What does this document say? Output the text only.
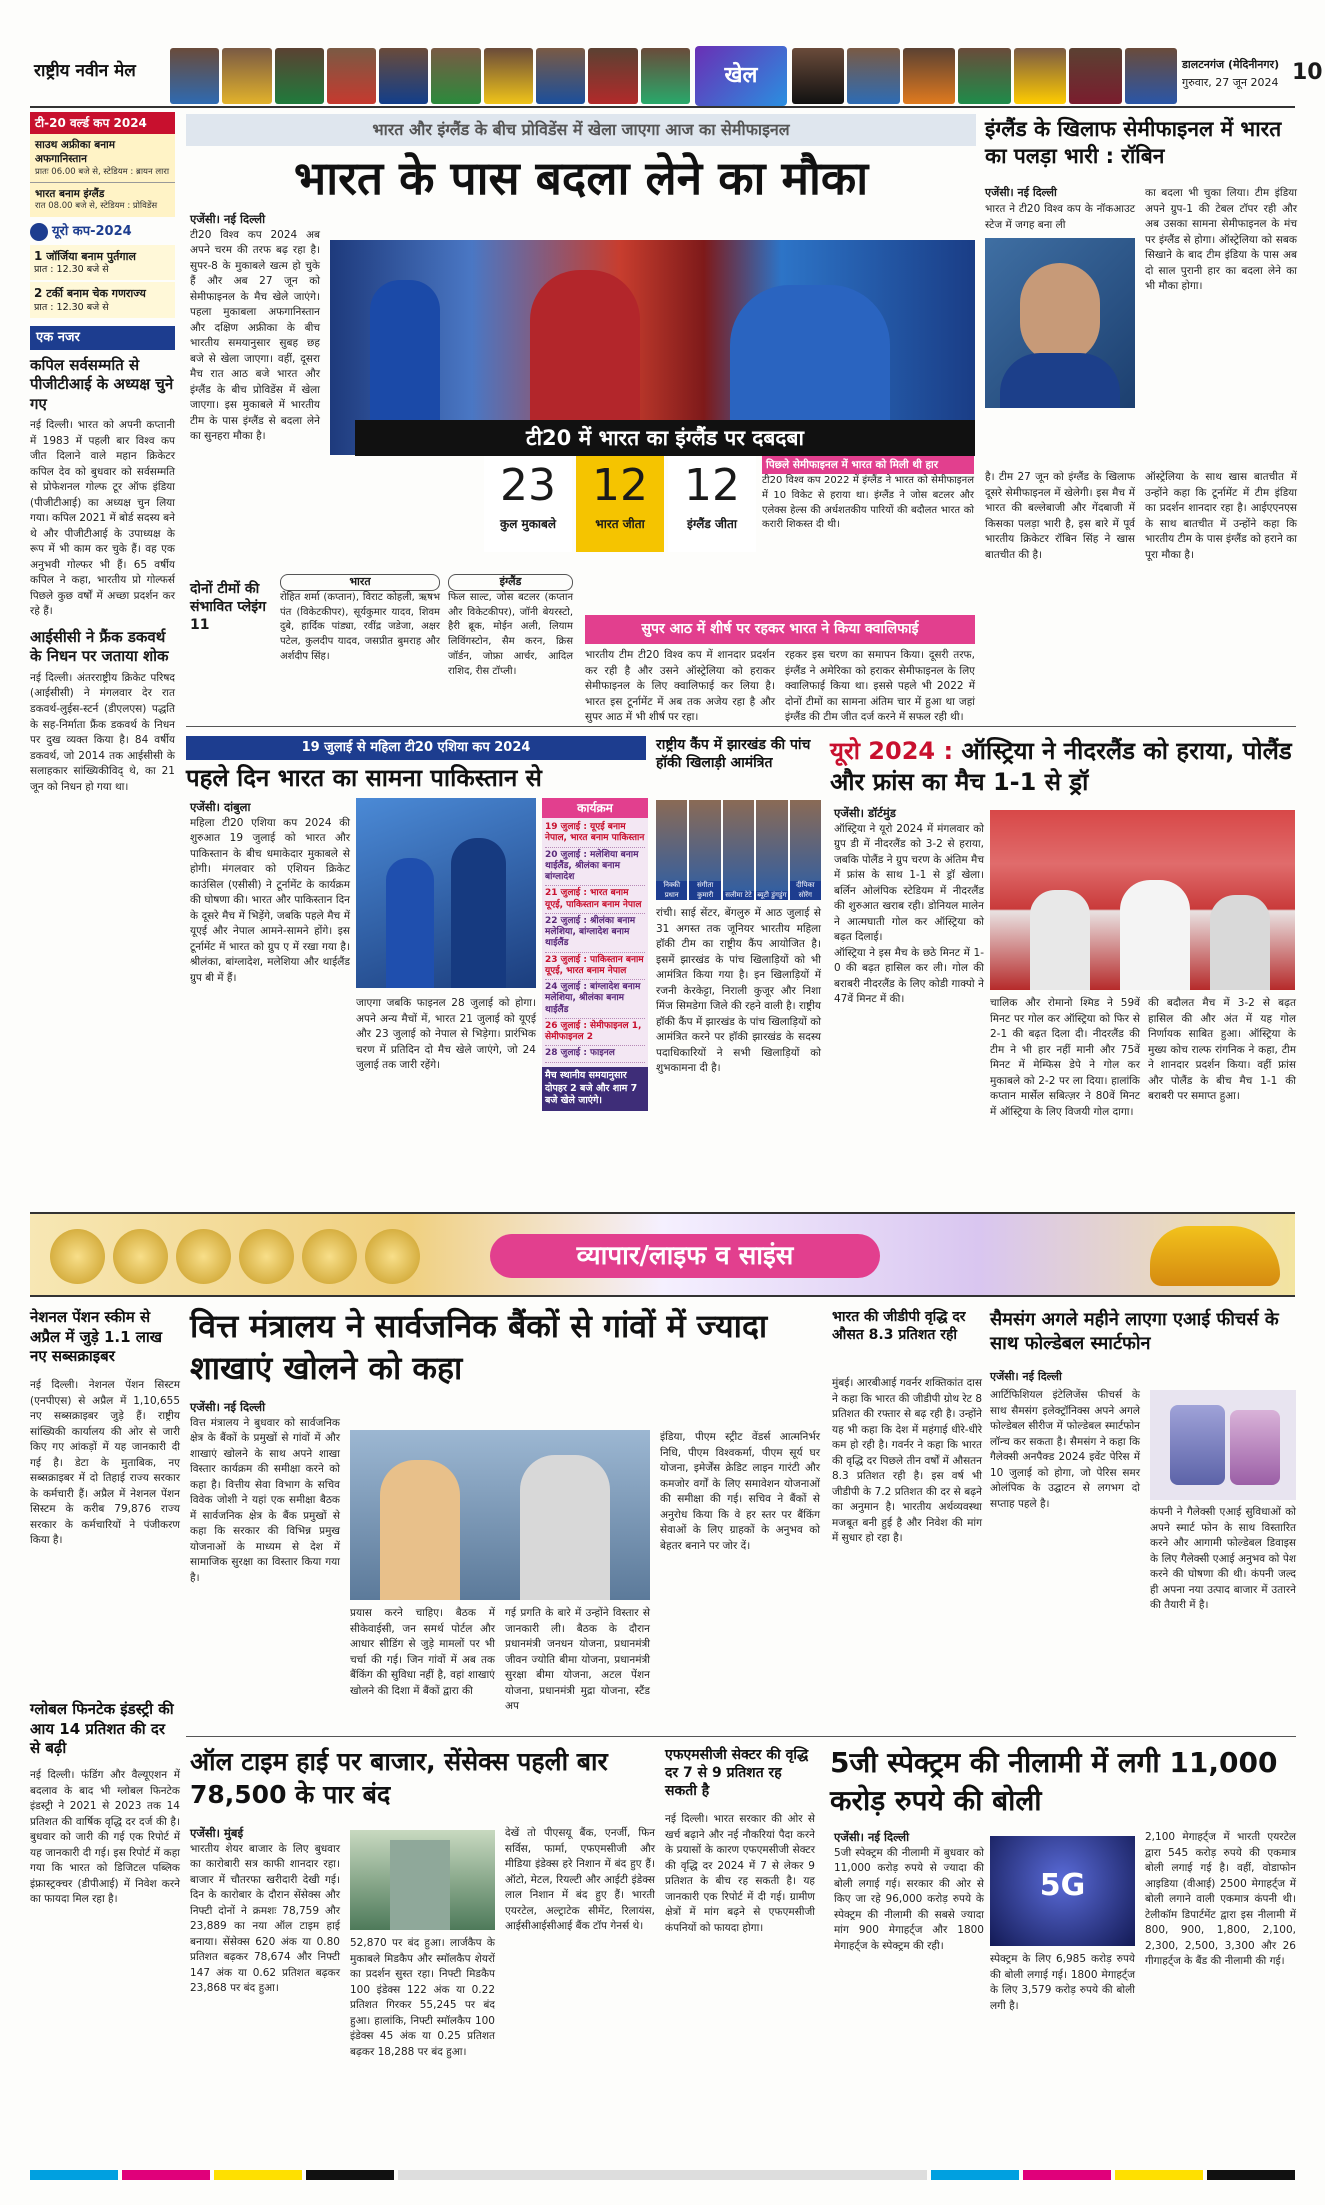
राष्ट्रीय नवीन मेल	खेल	डालटनगंज (मेदिनीनगर)
गुरुवार, 27 जून 2024 10
टी-20 वर्ल्ड कप 2024
साउथ अफ्रीका बनाम अफगानिस्तान
प्रातः 06.00 बजे से, स्टेडियम : ब्रायन लारा
भारत बनाम इंग्लैंड
रात 08.00 बजे से, स्टेडियम : प्रोविडेंस
यूरो कप-2024
1 जॉर्जिया बनाम पुर्तगाल
प्रात : 12.30 बजे से
2 टर्की बनाम चेक गणराज्य
प्रात : 12.30 बजे से
एक नजर
कपिल सर्वसम्मति से पीजीटीआई के अध्यक्ष चुने गए
नई दिल्ली। भारत को अपनी कप्तानी में 1983 में पहली बार विश्व कप जीत दिलाने वाले महान क्रिकेटर कपिल देव को बुधवार को सर्वसम्मति से प्रोफेशनल गोल्फ टूर ऑफ इंडिया (पीजीटीआई) का अध्यक्ष चुन लिया गया। कपिल 2021 में बोर्ड सदस्य बने थे और पीजीटीआई के उपाध्यक्ष के रूप में भी काम कर चुके हैं। वह एक अनुभवी गोल्फर भी हैं। 65 वर्षीय कपिल ने कहा, भारतीय प्रो गोल्फर्स पिछले कुछ वर्षों में अच्छा प्रदर्शन कर रहे हैं।
आईसीसी ने फ्रैंक डकवर्थ के निधन पर जताया शोक
नई दिल्ली। अंतरराष्ट्रीय क्रिकेट परिषद (आईसीसी) ने मंगलवार देर रात डकवर्थ-लुईस-स्टर्न (डीएलएस) पद्धति के सह-निर्माता फ्रैंक डकवर्थ के निधन पर दुख व्यक्त किया है। 84 वर्षीय डकवर्थ, जो 2014 तक आईसीसी के सलाहकार सांख्यिकीविद् थे, का 21 जून को निधन हो गया था।
भारत और इंग्लैंड के बीच प्रोविडेंस में खेला जाएगा आज का सेमीफाइनल
भारत के पास बदला लेने का मौका
एजेंसी। नई दिल्ली
टी20 विश्व कप 2024 अब अपने चरम की तरफ बढ़ रहा है। सुपर-8 के मुकाबले खत्म हो चुके हैं और अब 27 जून को सेमीफाइनल के मैच खेले जाएंगे। पहला मुकाबला अफगानिस्तान और दक्षिण अफ्रीका के बीच भारतीय समयानुसार सुबह छह बजे से खेला जाएगा। वहीं, दूसरा मैच रात आठ बजे भारत और इंग्लैंड के बीच प्रोविडेंस में खेला जाएगा। इस मुकाबले में भारतीय टीम के पास इंग्लैंड से बदला लेने का सुनहरा मौका है।	टी20 में भारत का इंग्लैंड पर दबदबा
23
कुल मुकाबले
12
भारत जीता
12
इंग्लैंड जीता
पिछले सेमीफाइनल में भारत को मिली थी हार
टी20 विश्व कप 2022 में इंग्लैंड ने भारत को सेमीफाइनल में 10 विकेट से हराया था। इंग्लैंड ने जोस बटलर और एलेक्स हेल्स की अर्धशतकीय पारियों की बदौलत भारत को करारी शिकस्त दी थी।
दोनों टीमों की संभावित प्लेइंग 11
भारत
रोहित शर्मा (कप्तान), विराट कोहली, ऋषभ पंत (विकेटकीपर), सूर्यकुमार यादव, शिवम दुबे, हार्दिक पांड्या, रवींद्र जडेजा, अक्षर पटेल, कुलदीप यादव, जसप्रीत बुमराह और अर्शदीप सिंह।
इंग्लैंड
फिल साल्ट, जोस बटलर (कप्तान और विकेटकीपर), जॉनी बेयरस्टो, हैरी ब्रूक, मोईन अली, लियाम लिविंगस्टोन, सैम करन, क्रिस जॉर्डन, जोफ्रा आर्चर, आदिल राशिद, रीस टॉप्ली।
सुपर आठ में शीर्ष पर रहकर भारत ने किया क्वालिफाई
भारतीय टीम टी20 विश्व कप में शानदार प्रदर्शन कर रही है और उसने ऑस्ट्रेलिया को हराकर सेमीफाइनल के लिए क्वालिफाई कर लिया है। भारत इस टूर्नामेंट में अब तक अजेय रहा है और सुपर आठ में भी शीर्ष पर रहा।
रहकर इस चरण का समापन किया। दूसरी तरफ, इंग्लैंड ने अमेरिका को हराकर सेमीफाइनल के लिए क्वालिफाई किया था। इससे पहले भी 2022 में दोनों टीमों का सामना अंतिम चार में हुआ था जहां इंग्लैंड की टीम जीत दर्ज करने में सफल रही थी।
इंग्लैंड के खिलाफ सेमीफाइनल में भारत का पलड़ा भारी : रॉबिन
एजेंसी। नई दिल्ली
भारत ने टी20 विश्व कप के नॉकआउट स्टेज में जगह बना ली
है। टीम 27 जून को इंग्लैंड के खिलाफ दूसरे सेमीफाइनल में खेलेगी। इस मैच में भारत की बल्लेबाजी और गेंदबाजी में किसका पलड़ा भारी है, इस बारे में पूर्व भारतीय क्रिकेटर रॉबिन सिंह ने खास बातचीत की है।
का बदला भी चुका लिया। टीम इंडिया अपने ग्रुप-1 की टेबल टॉपर रही और अब उसका सामना सेमीफाइनल के मंच पर इंग्लैंड से होगा। ऑस्ट्रेलिया को सबक सिखाने के बाद टीम इंडिया के पास अब दो साल पुरानी हार का बदला लेने का भी मौका होगा।
ऑस्ट्रेलिया के साथ खास बातचीत में उन्होंने कहा कि टूर्नामेंट में टीम इंडिया का प्रदर्शन शानदार रहा है। आईएएनएस के साथ बातचीत में उन्होंने कहा कि भारतीय टीम के पास इंग्लैंड को हराने का पूरा मौका है।
19 जुलाई से महिला टी20 एशिया कप 2024
पहले दिन भारत का सामना पाकिस्तान से
एजेंसी। दांबुला
महिला टी20 एशिया कप 2024 की शुरुआत 19 जुलाई को भारत और पाकिस्तान के बीच धमाकेदार मुकाबले से होगी। मंगलवार को एशियन क्रिकेट काउंसिल (एसीसी) ने टूर्नामेंट के कार्यक्रम की घोषणा की। भारत और पाकिस्तान दिन के दूसरे मैच में भिड़ेंगे, जबकि पहले मैच में यूएई और नेपाल आमने-सामने होंगे। इस टूर्नामेंट में भारत को ग्रुप ए में रखा गया है। श्रीलंका, बांग्लादेश, मलेशिया और थाईलैंड ग्रुप बी में हैं।
जाएगा जबकि फाइनल 28 जुलाई को होगा। अपने अन्य मैचों में, भारत 21 जुलाई को यूएई और 23 जुलाई को नेपाल से भिड़ेगा। प्रारंभिक चरण में प्रतिदिन दो मैच खेले जाएंगे, जो 24 जुलाई तक जारी रहेंगे।
कार्यक्रम
19 जुलाई : यूएई बनाम नेपाल, भारत बनाम पाकिस्तान
20 जुलाई : मलेशिया बनाम थाईलैंड, श्रीलंका बनाम बांग्लादेश
21 जुलाई : भारत बनाम यूएई, पाकिस्तान बनाम नेपाल
22 जुलाई : श्रीलंका बनाम मलेशिया, बांग्लादेश बनाम थाईलैंड
23 जुलाई : पाकिस्तान बनाम यूएई, भारत बनाम नेपाल
24 जुलाई : बांग्लादेश बनाम मलेशिया, श्रीलंका बनाम थाईलैंड
26 जुलाई : सेमीफाइनल 1, सेमीफाइनल 2
28 जुलाई : फाइनल
मैच स्थानीय समयानुसार दोपहर 2 बजे और शाम 7 बजे खेले जाएंगे।
राष्ट्रीय कैंप में झारखंड की पांच हॉकी खिलाड़ी आमंत्रित
निक्की प्रधान
संगीता कुमारी	सलीमा टेटे ब्यूटी डुंगडुंग
दीपिका सोरेंग
रांची। साई सेंटर, बेंगलुरु में आठ जुलाई से 31 अगस्त तक जूनियर भारतीय महिला हॉकी टीम का राष्ट्रीय कैंप आयोजित है। इसमें झारखंड के पांच खिलाड़ियों को भी आमंत्रित किया गया है। इन खिलाड़ियों में रजनी केरकेट्टा, निराली कुजूर और निशा मिंज सिमडेगा जिले की रहने वाली है। राष्ट्रीय हॉकी कैंप में झारखंड के पांच खिलाड़ियों को आमंत्रित करने पर हॉकी झारखंड के सदस्य पदाधिकारियों ने सभी खिलाड़ियों को शुभकामना दी है।
यूरो 2024 : ऑस्ट्रिया ने नीदरलैंड को हराया, पोलैंड और फ्रांस का मैच 1-1 से ड्रॉ
एजेंसी। डॉर्टमुंड
ऑस्ट्रिया ने यूरो 2024 में मंगलवार को ग्रुप डी में नीदरलैंड को 3-2 से हराया, जबकि पोलैंड ने ग्रुप चरण के अंतिम मैच में फ्रांस के साथ 1-1 से ड्रॉ खेला। बर्लिन ओलंपिक स्टेडियम में नीदरलैंड की शुरुआत खराब रही। डोनियल मालेन ने आत्मघाती गोल कर ऑस्ट्रिया को बढ़त दिलाई।
ऑस्ट्रिया ने इस मैच के छठे मिनट में 1-0 की बढ़त हासिल कर ली। गोल की बराबरी नीदरलैंड के लिए कोडी गाक्पो ने 47वें मिनट में की।	चालिक और रोमानो श्मिड ने 59वें मिनट पर गोल कर ऑस्ट्रिया को फिर से 2-1 की बढ़त दिला दी। नीदरलैंड की टीम ने भी हार नहीं मानी और 75वें मिनट में मेम्फिस डेपे ने गोल कर मुकाबले को 2-2 पर ला दिया। हालांकि कप्तान मार्सेल सबित्ज़र ने 80वें मिनट में ऑस्ट्रिया के लिए विजयी गोल दागा।
की बदौलत मैच में 3-2 से बढ़त हासिल की और अंत में यह गोल निर्णायक साबित हुआ। ऑस्ट्रिया के मुख्य कोच राल्फ रांगनिक ने कहा, टीम ने शानदार प्रदर्शन किया। वहीं फ्रांस और पोलैंड के बीच मैच 1-1 की बराबरी पर समाप्त हुआ।
व्यापार/लाइफ व साइंस
नेशनल पेंशन स्कीम से अप्रैल में जुड़े 1.1 लाख नए सब्सक्राइबर
नई दिल्ली। नेशनल पेंशन सिस्टम (एनपीएस) से अप्रैल में 1,10,655 नए सब्सक्राइबर जुड़े हैं। राष्ट्रीय सांख्यिकी कार्यालय की ओर से जारी किए गए आंकड़ों में यह जानकारी दी गई है। डेटा के मुताबिक, नए सब्सक्राइबर में दो तिहाई राज्य सरकार के कर्मचारी हैं। अप्रैल में नेशनल पेंशन सिस्टम के करीब 79,876 राज्य सरकार के कर्मचारियों ने पंजीकरण किया है।
ग्लोबल फिनटेक इंडस्ट्री की आय 14 प्रतिशत की दर से बढ़ी
नई दिल्ली। फंडिंग और वैल्यूएशन में बदलाव के बाद भी ग्लोबल फिनटेक इंडस्ट्री ने 2021 से 2023 तक 14 प्रतिशत की वार्षिक वृद्धि दर दर्ज की है। बुधवार को जारी की गई एक रिपोर्ट में यह जानकारी दी गई। इस रिपोर्ट में कहा गया कि भारत को डिजिटल पब्लिक इंफ्रास्ट्रक्चर (डीपीआई) में निवेश करने का फायदा मिल रहा है।
वित्त मंत्रालय ने सार्वजनिक बैंकों से गांवों में ज्यादा शाखाएं खोलने को कहा
एजेंसी। नई दिल्ली
वित्त मंत्रालय ने बुधवार को सार्वजनिक क्षेत्र के बैंकों के प्रमुखों से गांवों में और शाखाएं खोलने के साथ अपने शाखा विस्तार कार्यक्रम की समीक्षा करने को कहा है। वित्तीय सेवा विभाग के सचिव विवेक जोशी ने यहां एक समीक्षा बैठक में सार्वजनिक क्षेत्र के बैंक प्रमुखों से कहा कि सरकार की विभिन्न प्रमुख योजनाओं के माध्यम से देश में सामाजिक सुरक्षा का विस्तार किया गया है।
प्रयास करने चाहिए। बैठक में सीकेवाईसी, जन समर्थ पोर्टल और आधार सीडिंग से जुड़े मामलों पर भी चर्चा की गई। जिन गांवों में अब तक बैंकिंग की सुविधा नहीं है, वहां शाखाएं खोलने की दिशा में बैंकों द्वारा की
गई प्रगति के बारे में उन्होंने विस्तार से जानकारी ली। बैठक के दौरान प्रधानमंत्री जनधन योजना, प्रधानमंत्री जीवन ज्योति बीमा योजना, प्रधानमंत्री सुरक्षा बीमा योजना, अटल पेंशन योजना, प्रधानमंत्री मुद्रा योजना, स्टैंड अप
इंडिया, पीएम स्ट्रीट वेंडर्स आत्मनिर्भर निधि, पीएम विश्वकर्मा, पीएम सूर्य घर योजना, इमेर्जेंस क्रेडिट लाइन गारंटी और कमजोर वर्गों के लिए समावेशन योजनाओं की समीक्षा की गई। सचिव ने बैंकों से अनुरोध किया कि वे हर स्तर पर बैंकिंग सेवाओं के लिए ग्राहकों के अनुभव को बेहतर बनाने पर जोर दें।
भारत की जीडीपी वृद्धि दर औसत 8.3 प्रतिशत रही
मुंबई। आरबीआई गवर्नर शक्तिकांत दास ने कहा कि भारत की जीडीपी ग्रोथ रेट 8 प्रतिशत की रफ्तार से बढ़ रही है। उन्होंने यह भी कहा कि देश में महंगाई धीरे-धीरे कम हो रही है। गवर्नर ने कहा कि भारत की वृद्धि दर पिछले तीन वर्षों में औसतन 8.3 प्रतिशत रही है। इस वर्ष भी जीडीपी के 7.2 प्रतिशत की दर से बढ़ने का अनुमान है। भारतीय अर्थव्यवस्था मजबूत बनी हुई है और निवेश की मांग में सुधार हो रहा है।
सैमसंग अगले महीने लाएगा एआई फीचर्स के साथ फोल्डेबल स्मार्टफोन
एजेंसी। नई दिल्ली
आर्टिफिशियल इंटेलिजेंस फीचर्स के साथ सैमसंग इलेक्ट्रॉनिक्स अपने अगले फोल्डेबल सीरीज में फोल्डेबल स्मार्टफोन लॉन्च कर सकता है। सैमसंग ने कहा कि गैलेक्सी अनपैक्ड 2024 इवेंट पेरिस में 10 जुलाई को होगा, जो पेरिस समर ओलंपिक के उद्घाटन से लगभग दो सप्ताह पहले है।
कंपनी ने गैलेक्सी एआई सुविधाओं को अपने स्मार्ट फोन के साथ विस्तारित करने और आगामी फोल्डेबल डिवाइस के लिए गैलेक्सी एआई अनुभव को पेश करने की घोषणा की थी। कंपनी जल्द ही अपना नया उत्पाद बाजार में उतारने की तैयारी में है।
ऑल टाइम हाई पर बाजार, सेंसेक्स पहली बार 78,500 के पार बंद
एजेंसी। मुंबई
भारतीय शेयर बाजार के लिए बुधवार का कारोबारी सत्र काफी शानदार रहा। बाजार में चौतरफा खरीदारी देखी गई। दिन के कारोबार के दौरान सेंसेक्स और निफ्टी दोनों ने क्रमशः 78,759 और 23,889 का नया ऑल टाइम हाई बनाया। सेंसेक्स 620 अंक या 0.80 प्रतिशत बढ़कर 78,674 और निफ्टी 147 अंक या 0.62 प्रतिशत बढ़कर 23,868 पर बंद हुआ।
52,870 पर बंद हुआ। लार्जकैप के मुकाबले मिडकैप और स्मॉलकैप शेयरों का प्रदर्शन सुस्त रहा। निफ्टी मिडकैप 100 इंडेक्स 122 अंक या 0.22 प्रतिशत गिरकर 55,245 पर बंद हुआ। हालांकि, निफ्टी स्मॉलकैप 100 इंडेक्स 45 अंक या 0.25 प्रतिशत बढ़कर 18,288 पर बंद हुआ।
देखें तो पीएसयू बैंक, एनर्जी, फिन सर्विस, फार्मा, एफएमसीजी और मीडिया इंडेक्स हरे निशान में बंद हुए हैं। ऑटो, मेटल, रियल्टी और आईटी इंडेक्स लाल निशान में बंद हुए हैं। भारती एयरटेल, अल्ट्राटेक सीमेंट, रिलायंस, आईसीआईसीआई बैंक टॉप गेनर्स थे।
एफएमसीजी सेक्टर की वृद्धि दर 7 से 9 प्रतिशत रह सकती है
नई दिल्ली। भारत सरकार की ओर से खर्च बढ़ाने और नई नौकरियां पैदा करने के प्रयासों के कारण एफएमसीजी सेक्टर की वृद्धि दर 2024 में 7 से लेकर 9 प्रतिशत के बीच रह सकती है। यह जानकारी एक रिपोर्ट में दी गई। ग्रामीण क्षेत्रों में मांग बढ़ने से एफएमसीजी कंपनियों को फायदा होगा।
5जी स्पेक्ट्रम की नीलामी में लगी 11,000 करोड़ रुपये की बोली
एजेंसी। नई दिल्ली
5जी स्पेक्ट्रम की नीलामी में बुधवार को 11,000 करोड़ रुपये से ज्यादा की बोली लगाई गई। सरकार की ओर से किए जा रहे 96,000 करोड़ रुपये के स्पेक्ट्रम की नीलामी की सबसे ज्यादा मांग 900 मेगाहर्ट्ज और 1800 मेगाहर्ट्ज के स्पेक्ट्रम की रही।
5G
स्पेक्ट्रम के लिए 6,985 करोड़ रुपये की बोली लगाई गई। 1800 मेगाहर्ट्ज के लिए 3,579 करोड़ रुपये की बोली लगी है।
2,100 मेगाहर्ट्ज में भारती एयरटेल द्वारा 545 करोड़ रुपये की एकमात्र बोली लगाई गई है। वहीं, वोडाफोन आइडिया (वीआई) 2500 मेगाहर्ट्ज में बोली लगाने वाली एकमात्र कंपनी थी। टेलीकॉम डिपार्टमेंट द्वारा इस नीलामी में 800, 900, 1,800, 2,100, 2,300, 2,500, 3,300 और 26 गीगाहर्ट्ज के बैंड की नीलामी की गई।
